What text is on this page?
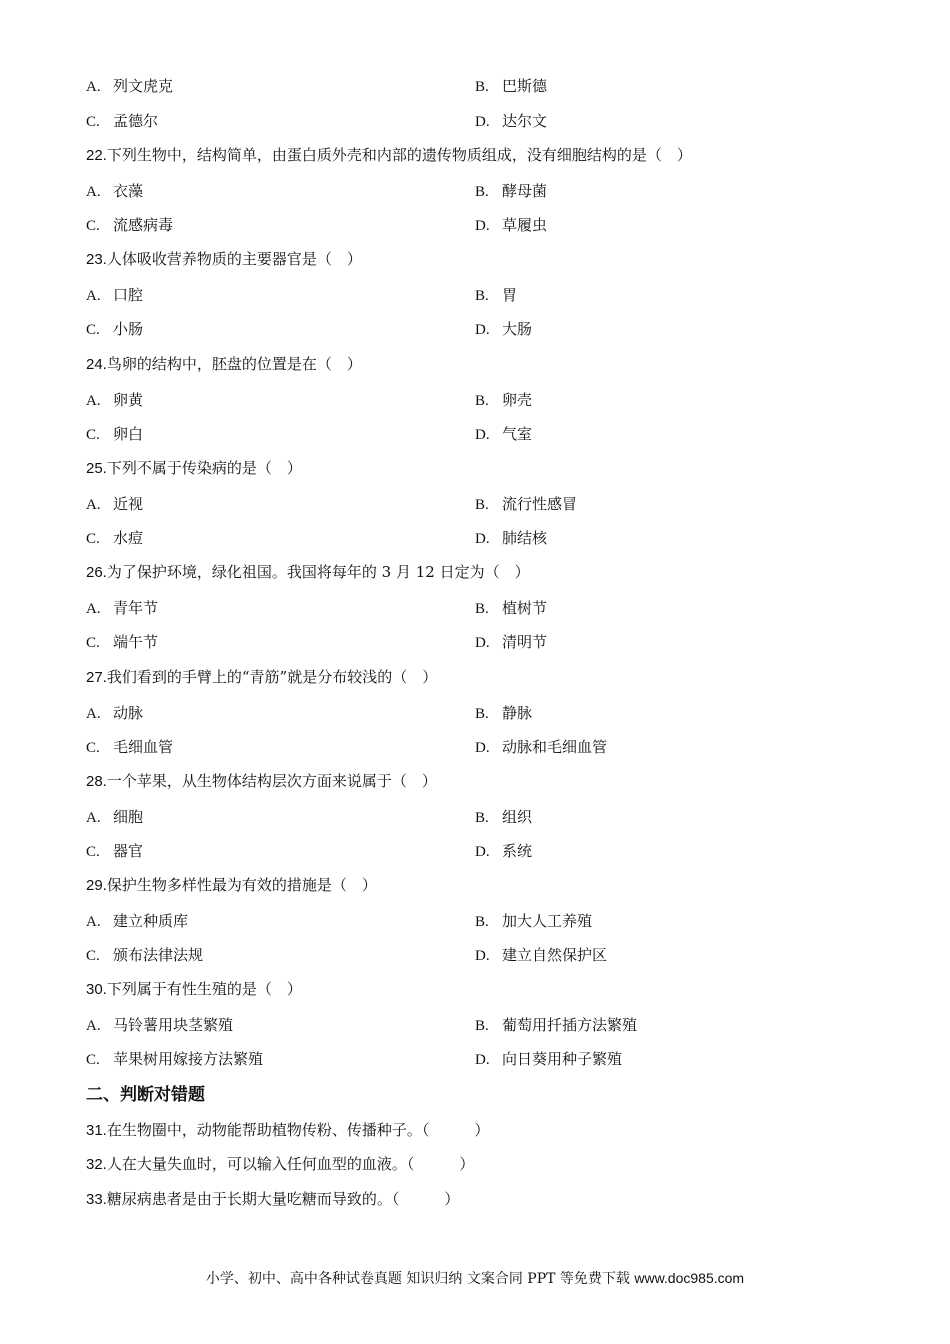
A. 列文虎克	B. 巴斯德
C. 孟德尔	D. 达尔文
22.下列生物中，结构简单，由蛋白质外壳和内部的遗传物质组成，没有细胞结构的是（　）
A. 衣藻	B. 酵母菌
C. 流感病毒	D. 草履虫
23.人体吸收营养物质的主要器官是（　）
A. 口腔	B. 胃
C. 小肠	D. 大肠
24.鸟卵的结构中，胚盘的位置是在（　）
A. 卵黄	B. 卵壳
C. 卵白	D. 气室
25.下列不属于传染病的是（　）
A. 近视	B. 流行性感冒
C. 水痘	D. 肺结核
26.为了保护环境，绿化祖国。我国将每年的 3 月 12 日定为（　）
A. 青年节	B. 植树节
C. 端午节	D. 清明节
27.我们看到的手臂上的“青筋”就是分布较浅的（　）
A. 动脉	B. 静脉
C. 毛细血管	D. 动脉和毛细血管
28.一个苹果，从生物体结构层次方面来说属于（　）
A. 细胞	B. 组织
C. 器官	D. 系统
29.保护生物多样性最为有效的措施是（　）
A. 建立种质库	B. 加大人工养殖
C. 颁布法律法规	D. 建立自然保护区
30.下列属于有性生殖的是（　）
A. 马铃薯用块茎繁殖	B. 葡萄用扦插方法繁殖
C. 苹果树用嫁接方法繁殖	D. 向日葵用种子繁殖
二、判断对错题
31.在生物圈中，动物能帮助植物传粉、传播种子。（　　　）
32.人在大量失血时，可以输入任何血型的血液。（　　　）
33.糖尿病患者是由于长期大量吃糖而导致的。（　　　）
小学、初中、高中各种试卷真题 知识归纳 文案合同 PPT 等免费下载 www.doc985.com
